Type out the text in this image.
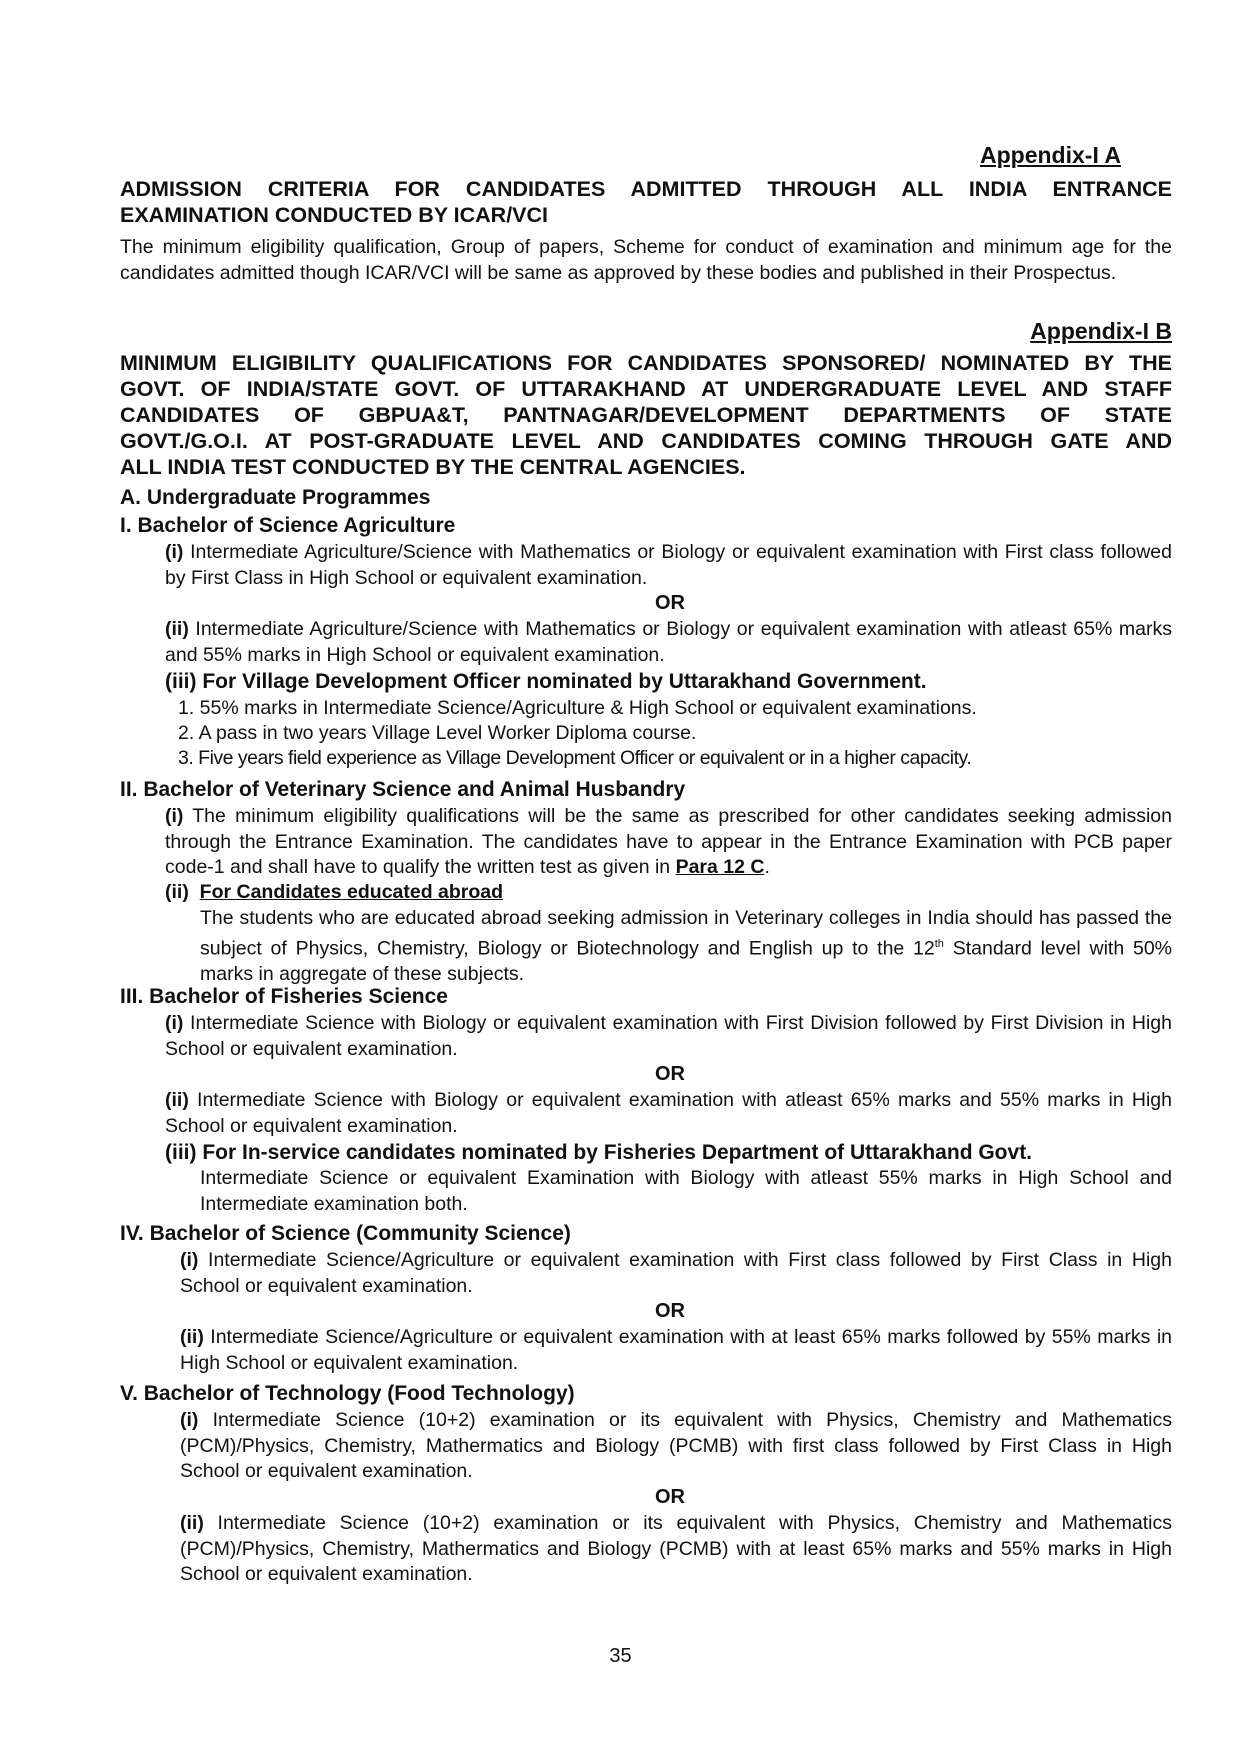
Appendix-I A
ADMISSION CRITERIA FOR CANDIDATES ADMITTED THROUGH ALL INDIA ENTRANCE
EXAMINATION CONDUCTED BY ICAR/VCI
The minimum eligibility qualification, Group of papers, Scheme for conduct of examination and minimum age for the candidates admitted though ICAR/VCI will be same as approved by these bodies and published in their Prospectus.
Appendix-I B
MINIMUM ELIGIBILITY QUALIFICATIONS FOR CANDIDATES SPONSORED/ NOMINATED BY THE
GOVT. OF INDIA/STATE GOVT. OF UTTARAKHAND AT UNDERGRADUATE LEVEL AND STAFF
CANDIDATES OF GBPUA&T, PANTNAGAR/DEVELOPMENT DEPARTMENTS OF STATE
GOVT./G.O.I. AT POST-GRADUATE LEVEL AND CANDIDATES COMING THROUGH GATE AND
ALL INDIA TEST CONDUCTED BY THE CENTRAL AGENCIES.
A. Undergraduate Programmes
I. Bachelor of Science Agriculture
(i) Intermediate Agriculture/Science with Mathematics or Biology or equivalent examination with First class followed by First Class in High School or equivalent examination.
OR
(ii) Intermediate Agriculture/Science with Mathematics or Biology or equivalent examination with atleast 65% marks and 55% marks in High School or equivalent examination.
(iii) For Village Development Officer nominated by Uttarakhand Government.
1. 55% marks in Intermediate Science/Agriculture & High School or equivalent examinations.
2. A pass in two years Village Level Worker Diploma course.
3. Five years field experience as Village Development Officer or equivalent or in a higher capacity.
II. Bachelor of Veterinary Science and Animal Husbandry
(i) The minimum eligibility qualifications will be the same as prescribed for other candidates seeking admission through the Entrance Examination. The candidates have to appear in the Entrance Examination with PCB paper code-1 and shall have to qualify the written test as given in Para 12 C.
(ii) For Candidates educated abroad
The students who are educated abroad seeking admission in Veterinary colleges in India should has passed the subject of Physics, Chemistry, Biology or Biotechnology and English up to the 12th Standard level with 50% marks in aggregate of these subjects.
III. Bachelor of Fisheries Science
(i) Intermediate Science with Biology or equivalent examination with First Division followed by First Division in High School or equivalent examination.
OR
(ii) Intermediate Science with Biology or equivalent examination with atleast 65% marks and 55% marks in High School or equivalent examination.
(iii) For In-service candidates nominated by Fisheries Department of Uttarakhand Govt.
Intermediate Science or equivalent Examination with Biology with atleast 55% marks in High School and Intermediate examination both.
IV. Bachelor of Science (Community Science)
(i) Intermediate Science/Agriculture or equivalent examination with First class followed by First Class in High School or equivalent examination.
OR
(ii) Intermediate Science/Agriculture or equivalent examination with at least 65% marks followed by 55% marks in High School or equivalent examination.
V. Bachelor of Technology (Food Technology)
(i) Intermediate Science (10+2) examination or its equivalent with Physics, Chemistry and Mathematics (PCM)/Physics, Chemistry, Mathermatics and Biology (PCMB) with first class followed by First Class in High School or equivalent examination.
OR
(ii) Intermediate Science (10+2) examination or its equivalent with Physics, Chemistry and Mathematics (PCM)/Physics, Chemistry, Mathermatics and Biology (PCMB) with at least 65% marks and 55% marks in High School or equivalent examination.
35
